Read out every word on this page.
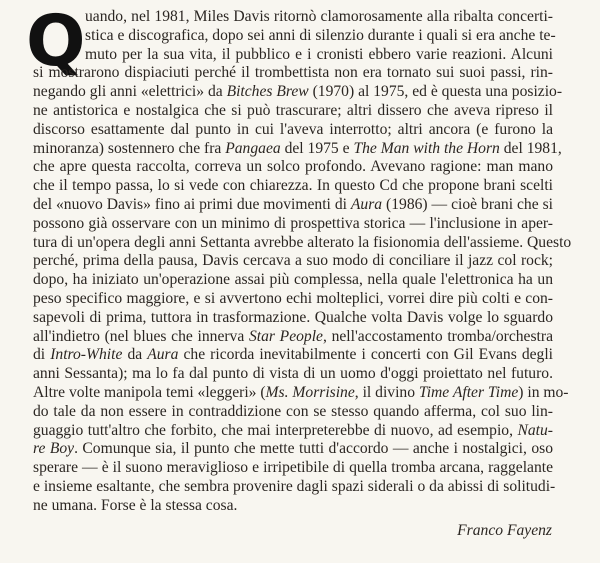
Q uando, nel 1981, Miles Davis ritornò clamorosamente alla ribalta concerti-
stica e discografica, dopo sei anni di silenzio durante i quali si era anche te-
muto per la sua vita, il pubblico e i cronisti ebbero varie reazioni. Alcuni
si mostrarono dispiaciuti perché il trombettista non era tornato sui suoi passi, rin-
negando gli anni «elettrici» da Bitches Brew (1970) al 1975, ed è questa una posizio-
ne antistorica e nostalgica che si può trascurare; altri dissero che aveva ripreso il
discorso esattamente dal punto in cui l'aveva interrotto; altri ancora (e furono la
minoranza) sostennero che fra Pangaea del 1975 e The Man with the Horn del 1981,
che apre questa raccolta, correva un solco profondo. Avevano ragione: man mano
che il tempo passa, lo si vede con chiarezza. In questo Cd che propone brani scelti
del «nuovo Davis» fino ai primi due movimenti di Aura (1986) — cioè brani che si
possono già osservare con un minimo di prospettiva storica — l'inclusione in aper-
tura di un'opera degli anni Settanta avrebbe alterato la fisionomia dell'assieme. Questo
perché, prima della pausa, Davis cercava a suo modo di conciliare il jazz col rock;
dopo, ha iniziato un'operazione assai più complessa, nella quale l'elettronica ha un
peso specifico maggiore, e si avvertono echi molteplici, vorrei dire più colti e con-
sapevoli di prima, tuttora in trasformazione. Qualche volta Davis volge lo sguardo
all'indietro (nel blues che innerva Star People, nell'accostamento tromba/orchestra
di Intro-White da Aura che ricorda inevitabilmente i concerti con Gil Evans degli
anni Sessanta); ma lo fa dal punto di vista di un uomo d'oggi proiettato nel futuro.
Altre volte manipola temi «leggeri» (Ms. Morrisine, il divino Time After Time) in mo-
do tale da non essere in contraddizione con se stesso quando afferma, col suo lin-
guaggio tutt'altro che forbito, che mai interpreterebbe di nuovo, ad esempio, Natu-
re Boy. Comunque sia, il punto che mette tutti d'accordo — anche i nostalgici, oso
sperare — è il suono meraviglioso e irripetibile di quella tromba arcana, raggelante
e insieme esaltante, che sembra provenire dagli spazi siderali o da abissi di solitudi-
ne umana. Forse è la stessa cosa.
Franco Fayenz
